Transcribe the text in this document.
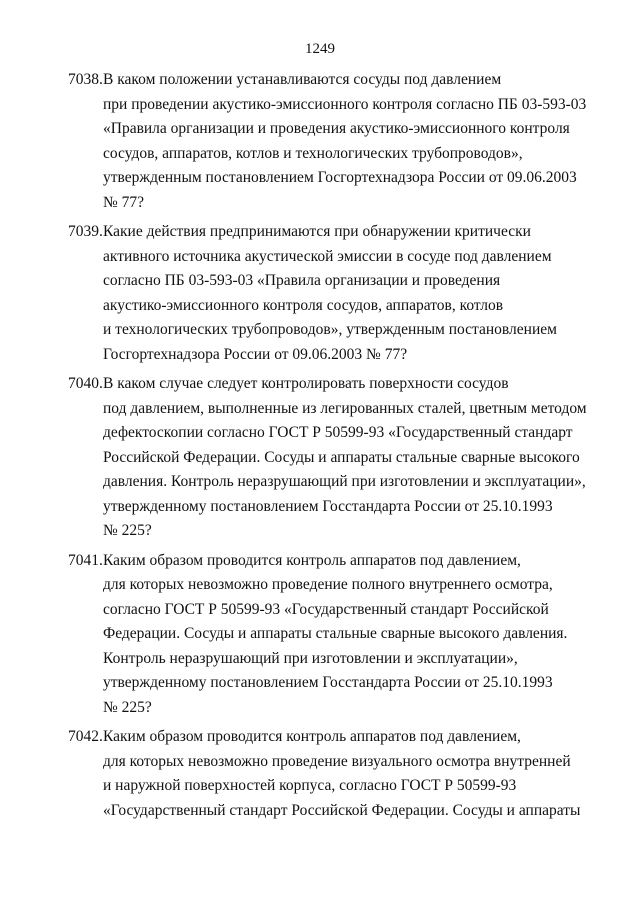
1249
7038. В каком положении устанавливаются сосуды под давлением
при проведении акустико-эмиссионного контроля согласно ПБ 03-593-03
«Правила организации и проведения акустико-эмиссионного контроля
сосудов, аппаратов, котлов и технологических трубопроводов»,
утвержденным постановлением Госгортехнадзора России от 09.06.2003
№ 77?
7039. Какие действия предпринимаются при обнаружении критически
активного источника акустической эмиссии в сосуде под давлением
согласно ПБ 03-593-03 «Правила организации и проведения
акустико-эмиссионного контроля сосудов, аппаратов, котлов
и технологических трубопроводов», утвержденным постановлением
Госгортехнадзора России от 09.06.2003 № 77?
7040. В каком случае следует контролировать поверхности сосудов
под давлением, выполненные из легированных сталей, цветным методом
дефектоскопии согласно ГОСТ Р 50599-93 «Государственный стандарт
Российской Федерации. Сосуды и аппараты стальные сварные высокого
давления. Контроль неразрушающий при изготовлении и эксплуатации»,
утвержденному постановлением Госстандарта России от 25.10.1993
№ 225?
7041. Каким образом проводится контроль аппаратов под давлением,
для которых невозможно проведение полного внутреннего осмотра,
согласно ГОСТ Р 50599-93 «Государственный стандарт Российской
Федерации. Сосуды и аппараты стальные сварные высокого давления.
Контроль неразрушающий при изготовлении и эксплуатации»,
утвержденному постановлением Госстандарта России от 25.10.1993
№ 225?
7042. Каким образом проводится контроль аппаратов под давлением,
для которых невозможно проведение визуального осмотра внутренней
и наружной поверхностей корпуса, согласно ГОСТ Р 50599-93
«Государственный стандарт Российской Федерации. Сосуды и аппараты
